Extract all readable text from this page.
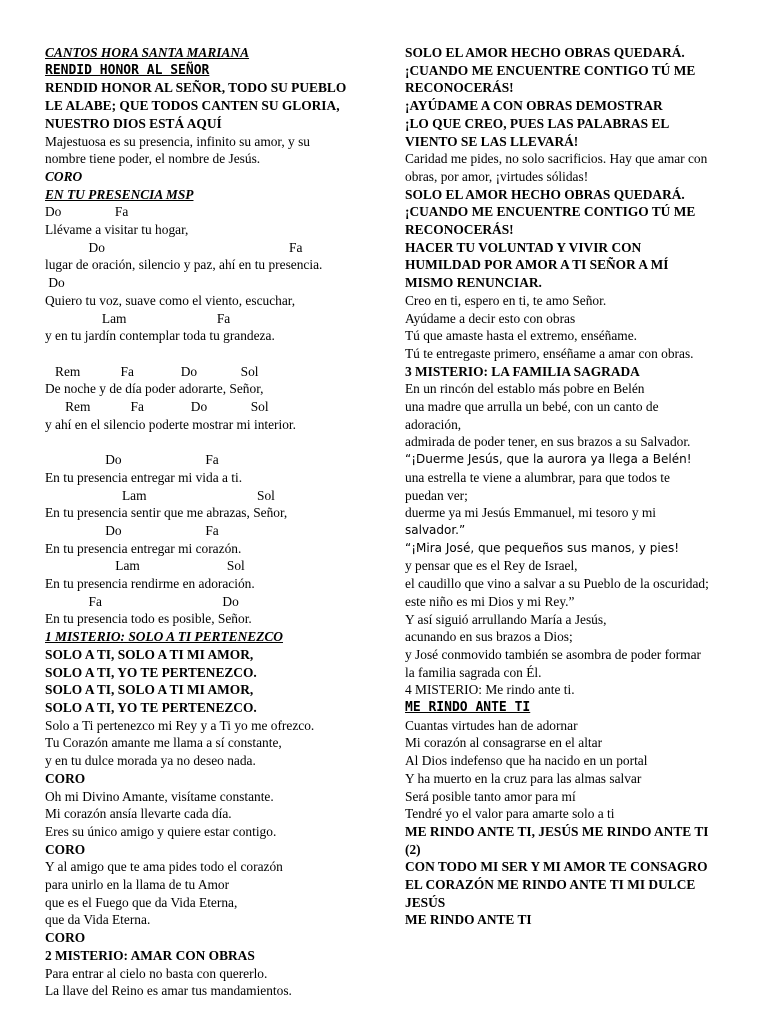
CANTOS HORA SANTA MARIANA
RENDID HONOR AL SEÑOR
RENDID HONOR AL SEÑOR, TODO SU PUEBLO
LE ALABE; QUE TODOS CANTEN SU GLORIA,
NUESTRO DIOS ESTÁ AQUÍ
Majestuosa es su presencia, infinito su amor, y su
nombre tiene poder, el nombre de Jesús.
CORO
EN TU PRESENCIA MSP
Do                Fa
Llévame a visitar tu hogar,
Do                                                       Fa
lugar de oración, silencio y paz, ahí en tu presencia.
Do
Quiero tu voz, suave como el viento, escuchar,
Lam                           Fa
y en tu jardín contemplar toda tu grandeza.
Rem            Fa              Do             Sol
De noche y de día poder adorarte, Señor,
Rem            Fa              Do             Sol
y ahí en el silencio poderte mostrar mi interior.
Do                         Fa
En tu presencia entregar mi vida a ti.
Lam                                 Sol
En tu presencia sentir que me abrazas, Señor,
Do                         Fa
En tu presencia entregar mi corazón.
Lam                          Sol
En tu presencia rendirme en adoración.
Fa                                    Do
En tu presencia todo es posible, Señor.
1 MISTERIO: SOLO A TI PERTENEZCO
SOLO A TI, SOLO A TI MI AMOR,
SOLO A TI, YO TE PERTENEZCO.
SOLO A TI, SOLO A TI MI AMOR,
SOLO A TI, YO TE PERTENEZCO.
Solo a Ti pertenezco mi Rey y a Ti yo me ofrezco.
Tu Corazón amante me llama a sí constante,
y en tu dulce morada ya no deseo nada.
CORO
Oh mi Divino Amante, visítame constante.
Mi corazón ansía llevarte cada día.
Eres su único amigo y quiere estar contigo.
CORO
Y al amigo que te ama pides todo el corazón
para unirlo en la llama de tu Amor
que es el Fuego que da Vida Eterna,
que da Vida Eterna.
CORO
2 MISTERIO: AMAR CON OBRAS
Para entrar al cielo no basta con quererlo.
La llave del Reino es amar tus mandamientos.
SOLO EL AMOR HECHO OBRAS QUEDARÁ.
¡CUANDO ME ENCUENTRE CONTIGO TÚ ME
RECONOCERÁS!
¡AYÚDAME A CON OBRAS DEMOSTRAR
¡LO QUE CREO, PUES LAS PALABRAS EL
VIENTO SE LAS LLEVARÁ!
Caridad me pides, no solo sacrificios. Hay que amar con
obras, por amor, ¡virtudes sólidas!
SOLO EL AMOR HECHO OBRAS QUEDARÁ.
¡CUANDO ME ENCUENTRE CONTIGO TÚ ME
RECONOCERÁS!
HACER TU VOLUNTAD Y VIVIR CON
HUMILDAD POR AMOR A TI SEÑOR A MÍ
MISMO RENUNCIAR.
Creo en ti, espero en ti, te amo Señor.
Ayúdame a decir esto con obras
Tú que amaste hasta el extremo, enséñame.
Tú te entregaste primero, enséñame a amar con obras.
3 MISTERIO: LA FAMILIA SAGRADA
En un rincón del establo más pobre en Belén
una madre que arrulla un bebé, con un canto de
adoración,
admirada de poder tener, en sus brazos a su Salvador.
“¡Duerme Jesús, que la aurora ya llega a Belén!
una estrella te viene a alumbrar, para que todos te
puedan ver;
duerme ya mi Jesús Emmanuel, mi tesoro y mi
salvador.”
“¡Mira José, que pequeños sus manos, y pies!
y pensar que es el Rey de Israel,
el caudillo que vino a salvar a su Pueblo de la oscuridad;
este niño es mi Dios y mi Rey.”
Y así siguió arrullando María a Jesús,
acunando en sus brazos a Dios;
y José conmovido también se asombra de poder formar
la familia sagrada con Él.
4 MISTERIO: Me rindo ante ti.
ME RINDO ANTE TI
Cuantas virtudes han de adornar
Mi corazón al consagrarse en el altar
Al Dios indefenso que ha nacido en un portal
Y ha muerto en la cruz para las almas salvar
Será posible tanto amor para mí
Tendré yo el valor para amarte solo a ti
ME RINDO ANTE TI, JESÚS ME RINDO ANTE TI
(2)
CON TODO MI SER Y MI AMOR TE CONSAGRO
EL CORAZÓN ME RINDO ANTE TI MI DULCE
JESÚS
ME RINDO ANTE TI
